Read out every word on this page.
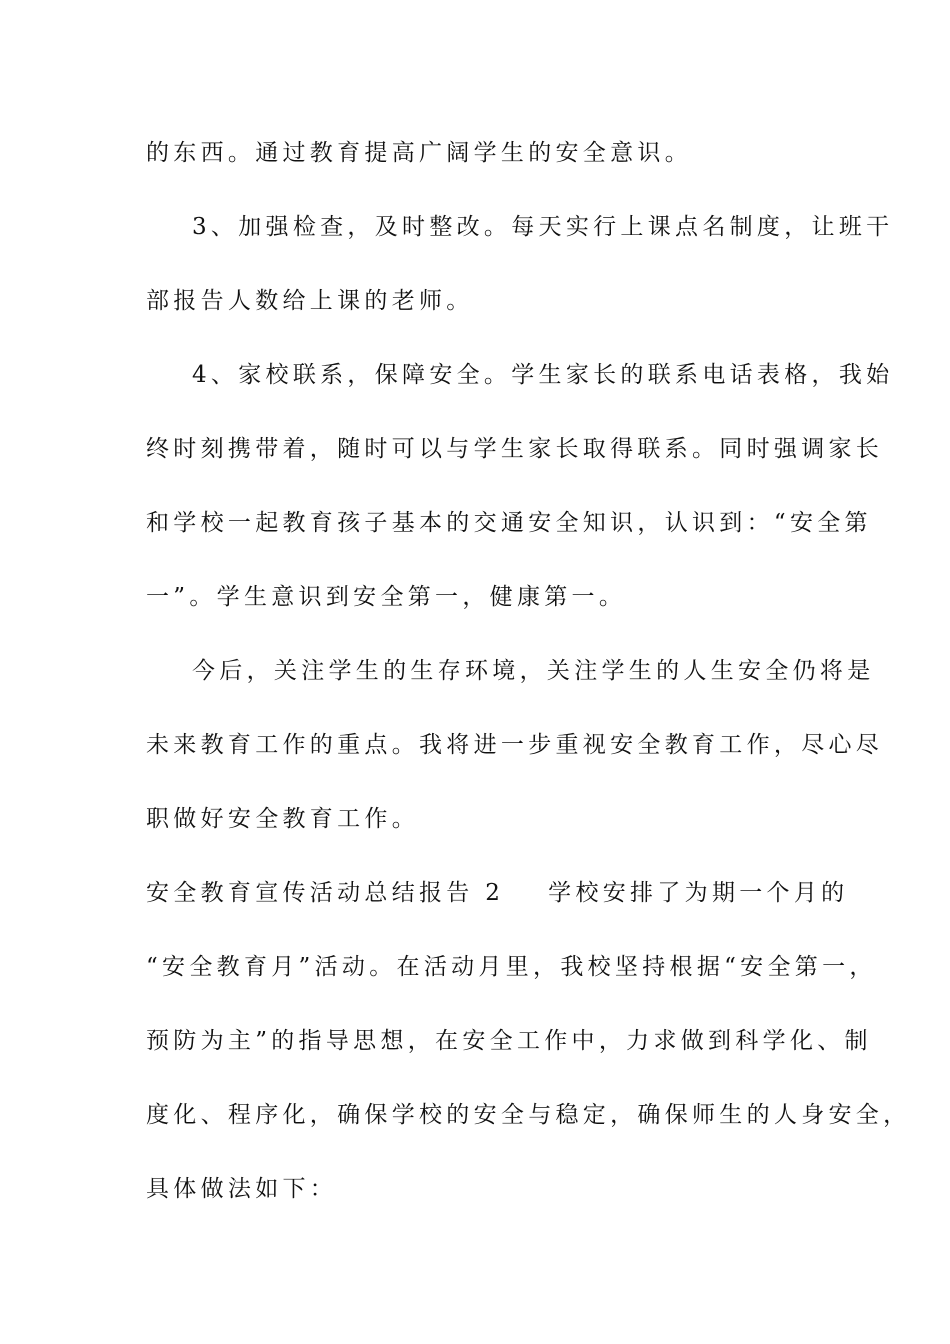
的东西。通过教育提高广阔学生的安全意识。
3、加强检查，及时整改。每天实行上课点名制度，让班干
部报告人数给上课的老师。
4、家校联系，保障安全。学生家长的联系电话表格，我始
终时刻携带着，随时可以与学生家长取得联系。同时强调家长
和学校一起教育孩子基本的交通安全知识，认识到：“安全第
一”。学生意识到安全第一，健康第一。
今后，关注学生的生存环境，关注学生的人生安全仍将是
未来教育工作的重点。我将进一步重视安全教育工作，尽心尽
职做好安全教育工作。
安全教育宣传活动总结报告 2 学校安排了为期一个月的
“安全教育月”活动。在活动月里，我校坚持根据“安全第一，
预防为主”的指导思想，在安全工作中，力求做到科学化、制
度化、程序化，确保学校的安全与稳定，确保师生的人身安全，
具体做法如下：
